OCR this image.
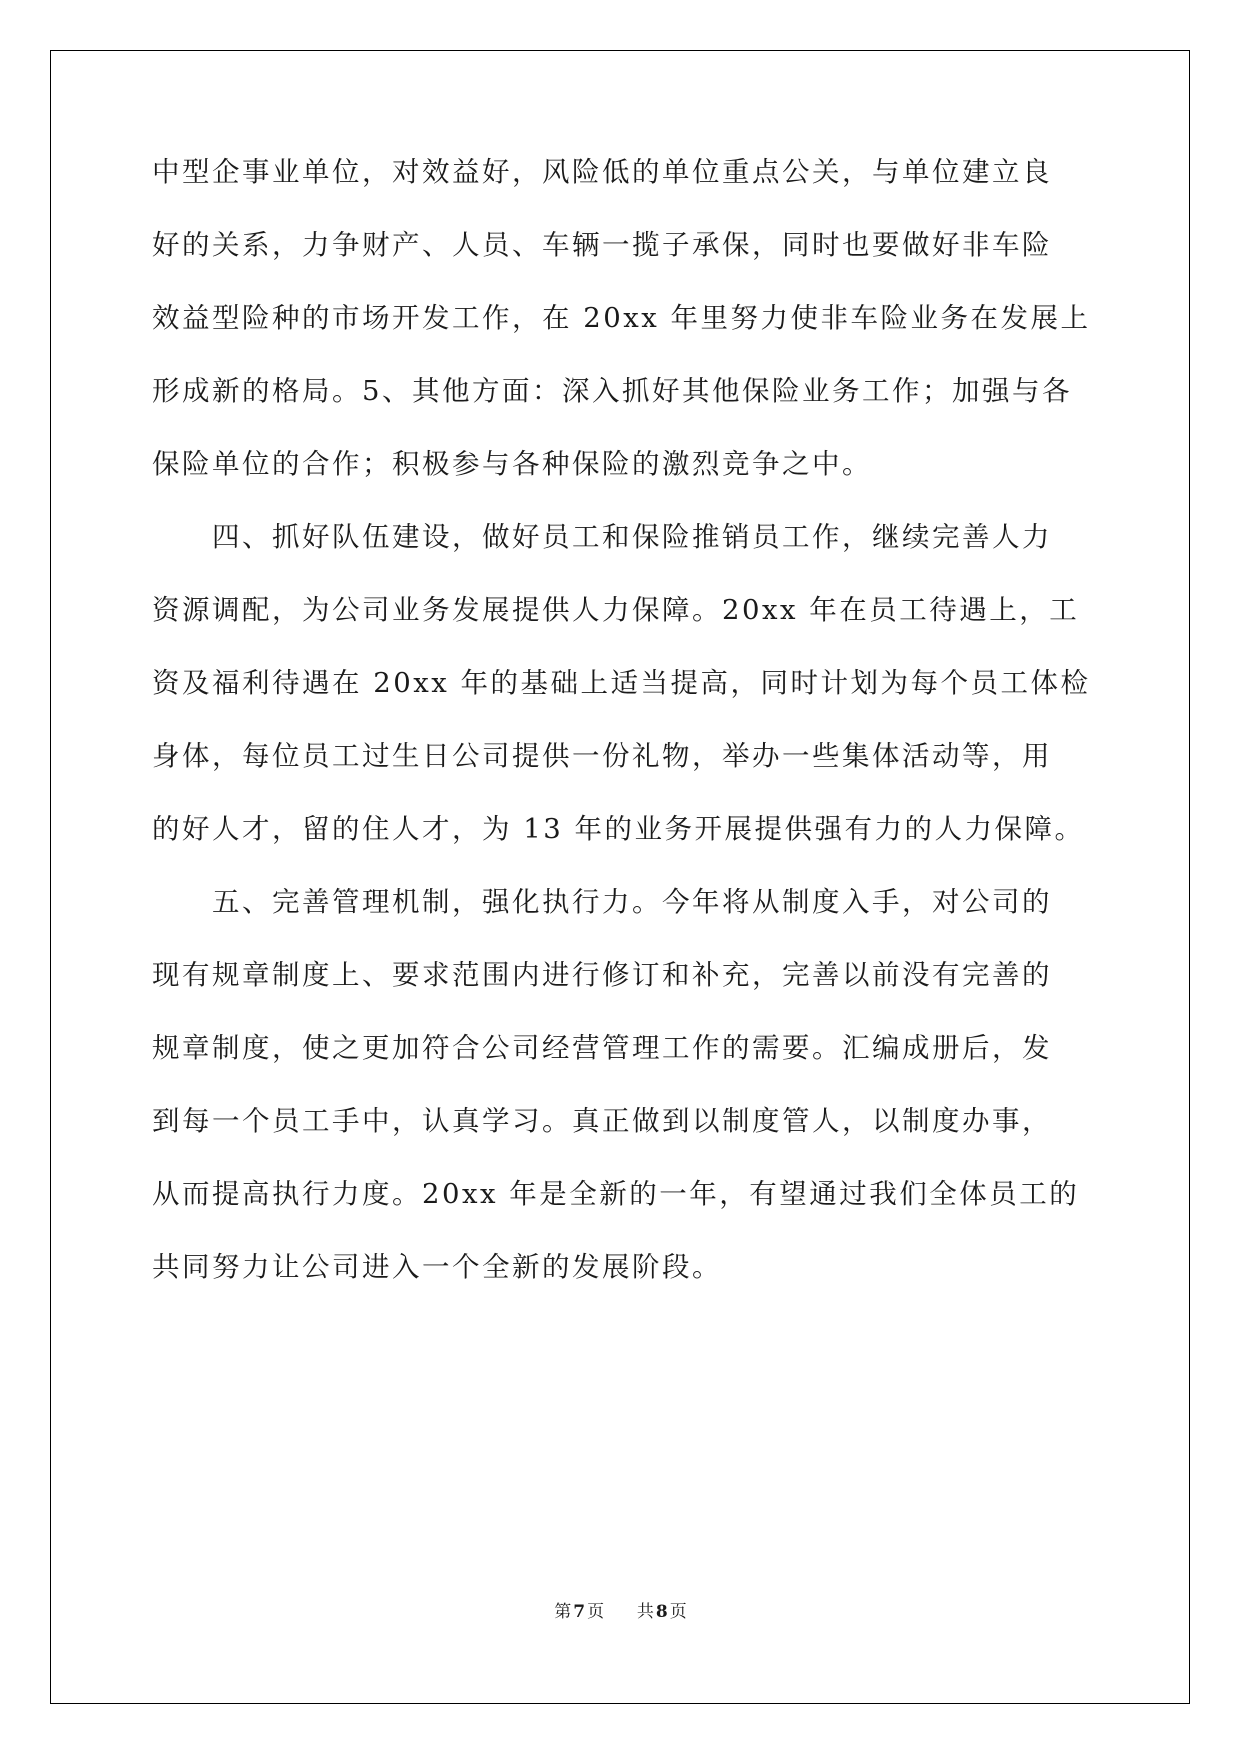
中型企事业单位，对效益好，风险低的单位重点公关，与单位建立良
好的关系，力争财产、人员、车辆一揽子承保，同时也要做好非车险
效益型险种的市场开发工作，在 20xx 年里努力使非车险业务在发展上
形成新的格局。5、其他方面：深入抓好其他保险业务工作；加强与各
保险单位的合作；积极参与各种保险的激烈竞争之中。
四、抓好队伍建设，做好员工和保险推销员工作，继续完善人力
资源调配，为公司业务发展提供人力保障。20xx 年在员工待遇上，工
资及福利待遇在 20xx 年的基础上适当提高，同时计划为每个员工体检
身体，每位员工过生日公司提供一份礼物，举办一些集体活动等，用
的好人才，留的住人才，为 13 年的业务开展提供强有力的人力保障。
五、完善管理机制，强化执行力。今年将从制度入手，对公司的
现有规章制度上、要求范围内进行修订和补充，完善以前没有完善的
规章制度，使之更加符合公司经营管理工作的需要。汇编成册后，发
到每一个员工手中，认真学习。真正做到以制度管人，以制度办事，
从而提高执行力度。20xx 年是全新的一年，有望通过我们全体员工的
共同努力让公司进入一个全新的发展阶段。
第 7 页 共 8 页
